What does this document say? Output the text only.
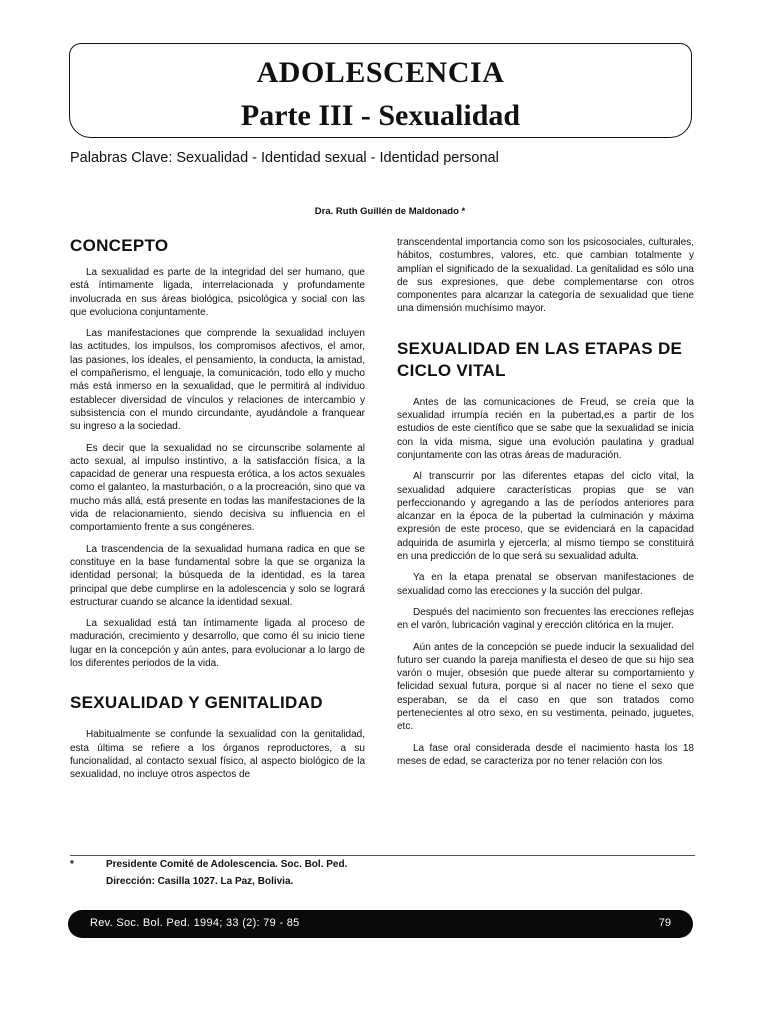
ADOLESCENCIA
Parte III - Sexualidad
Palabras Clave: Sexualidad - Identidad sexual - Identidad personal
Dra. Ruth Guillén de Maldonado *
CONCEPTO

La sexualidad es parte de la integridad del ser humano, que está íntimamente ligada, interrelacionada y profundamente involucrada en sus áreas biológica, psicológica y social con las que evoluciona conjuntamente.

Las manifestaciones que comprende la sexualidad incluyen las actitudes, los impulsos, los compromisos afectivos, el amor, las pasiones, los ideales, el pensamiento, la conducta, la amistad, el compañerismo, el lenguaje, la comunicación, todo ello y mucho más está inmerso en la sexualidad, que le permitirá al individuo establecer diversidad de vínculos y relaciones de intercambio y subsistencia con el mundo circundante, ayudándole a franquear su ingreso a la sociedad.

Es decir que la sexualidad no se circunscribe solamente al acto sexual, al impulso instintivo, a la satisfacción física, a la capacidad de generar una respuesta erótica, a los actos sexuales como el galanteo, la masturbación, o a la procreación, sino que va mucho más allá, está presente en todas las manifestaciones de la vida de relacionamiento, siendo decisiva su influencia en el comportamiento frente a sus congéneres.

La trascendencia de la sexualidad humana radica en que se constituye en la base fundamental sobre la que se organiza la identidad personal; la búsqueda de la identidad, es la tarea principal que debe cumplirse en la adolescencia y solo se logrará estructurar cuando se alcance la identidad sexual.

La sexualidad está tan íntimamente ligada al proceso de maduración, crecimiento y desarrollo, que como él su inicio tiene lugar en la concepción y aún antes, para evolucionar a lo largo de los diferentes periodos de la vida.

SEXUALIDAD Y GENITALIDAD

Habitualmente se confunde la sexualidad con la genitalidad, esta última se refiere a los órganos reproductores, a su funcionalidad, al contacto sexual físico, al aspecto biológico de la sexualidad, no incluye otros aspectos de

transcendental importancia como son los psicosociales, culturales, hábitos, costumbres, valores, etc. que cambian totalmente y amplían el significado de la sexualidad. La genitalidad es sólo una de sus expresiones, que debe complementarse con otros componentes para alcanzar la categoría de sexualidad que tiene una dimensión muchísimo mayor.

SEXUALIDAD EN LAS ETAPAS DE CICLO VITAL

Antes de las comunicaciones de Freud, se creía que la sexualidad irrumpía recién en la pubertad,es a partir de los estudios de este científico que se sabe que la sexualidad se inicia con la vida misma, sigue una evolución paulatina y gradual conjuntamente con las otras áreas de maduración.

Al transcurrir por las diferentes etapas del ciclo vital, la sexualidad adquiere características propias que se van perfeccionando y agregando a las de períodos anteriores para alcanzar en la época de la pubertad la culminación y máxima expresión de este proceso, que se evidenciará en la capacidad adquirida de asumirla y ejercerla; al mismo tiempo se constituirá en una predicción de lo que será su sexualidad adulta.

Ya en la etapa prenatal se observan manifestaciones de sexualidad como las erecciones y la succión del pulgar.

Después del nacimiento son frecuentes las erecciones reflejas en el varón, lubricación vaginal y erección clitórica en la mujer.

Aún antes de la concepción se puede inducir la sexualidad del futuro ser cuando la pareja manifiesta el deseo de que su hijo sea varón o mujer, obsesión que puede alterar su comportamiento y felicidad sexual futura, porque si al nacer no tiene el sexo que esperaban, se da el caso en que son tratados como pertenecientes al otro sexo, en su vestimenta, peinado, juguetes, etc.

La fase oral considerada desde el nacimiento hasta los 18 meses de edad, se caracteriza por no tener relación con los

*	Presidente Comité de Adolescencia. Soc. Bol. Ped.
Dirección: Casilla 1027. La Paz, Bolivia.
Rev. Soc. Bol. Ped. 1994; 33 (2): 79 - 85	79
